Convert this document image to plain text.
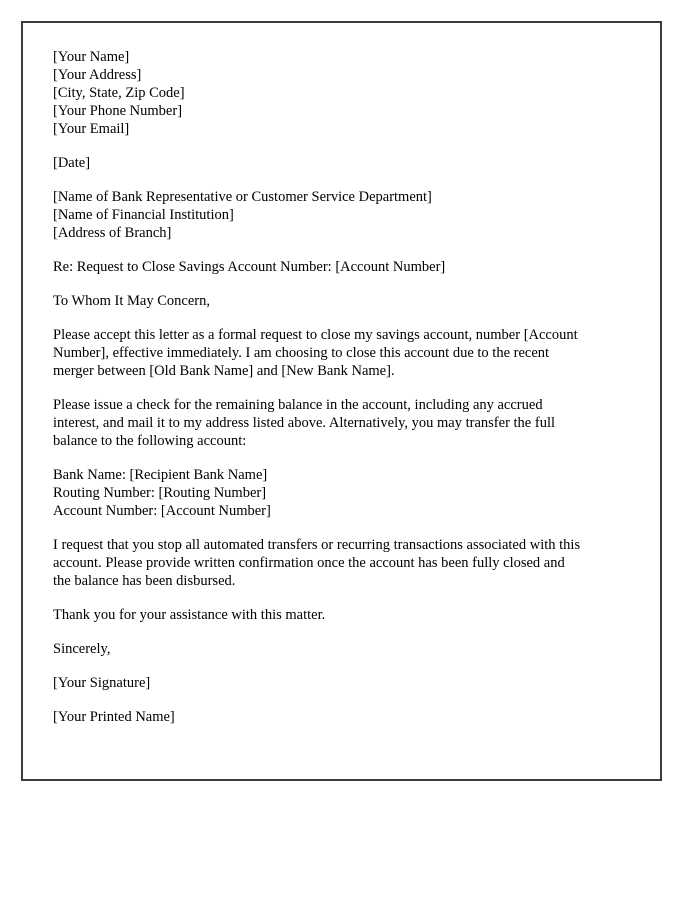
[Your Name]
[Your Address]
[City, State, Zip Code]
[Your Phone Number]
[Your Email]
[Date]
[Name of Bank Representative or Customer Service Department]
[Name of Financial Institution]
[Address of Branch]
Re: Request to Close Savings Account Number: [Account Number]
To Whom It May Concern,
Please accept this letter as a formal request to close my savings account, number [Account
Number], effective immediately. I am choosing to close this account due to the recent
merger between [Old Bank Name] and [New Bank Name].
Please issue a check for the remaining balance in the account, including any accrued
interest, and mail it to my address listed above. Alternatively, you may transfer the full
balance to the following account:
Bank Name: [Recipient Bank Name]
Routing Number: [Routing Number]
Account Number: [Account Number]
I request that you stop all automated transfers or recurring transactions associated with this
account. Please provide written confirmation once the account has been fully closed and
the balance has been disbursed.
Thank you for your assistance with this matter.
Sincerely,
[Your Signature]
[Your Printed Name]
